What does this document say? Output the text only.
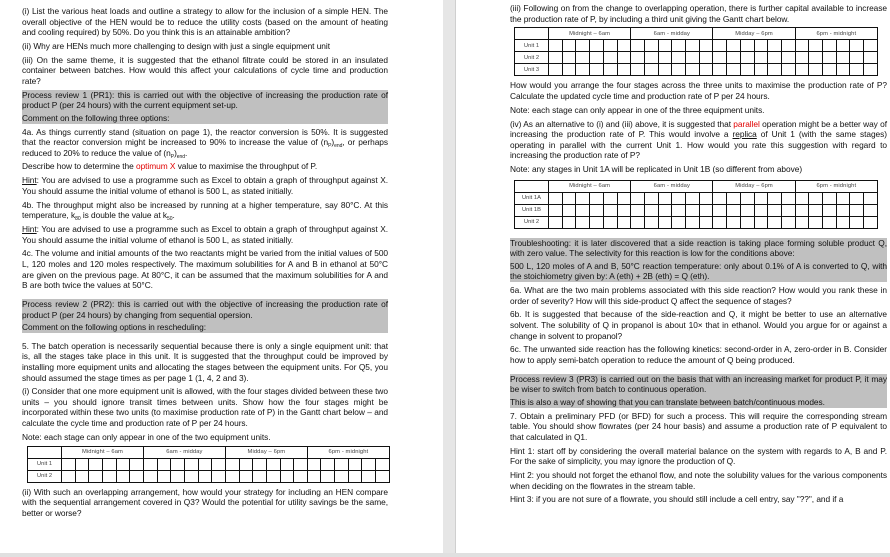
(i) List the various heat loads and outline a strategy to allow for the inclusion of a simple HEN. The overall objective of the HEN would be to reduce the utility costs (based on the amount of heating and cooling required) by 50%. Do you think this is an attainable ambition?

(ii) Why are HENs much more challenging to design with just a single equipment unit

(iii) On the same theme, it is suggested that the ethanol filtrate could be stored in an insulated container between batches. How would this affect your calculations of cycle time and production rate?

Process review 1 (PR1): this is carried out with the objective of increasing the production rate of product P (per 24 hours) with the current equipment set-up.

Comment on the following three options:

4a. As things currently stand (situation on page 1), the reactor conversion is 50%. It is suggested that the reactor conversion might be increased to 90% to increase the value of $(n_P)_{end}$, or perhaps reduced to 20% to reduce the value of $(n_P)_{end}$.

Describe how to determine the optimum X value to maximise the throughput of P.

Hint: You are advised to use a programme such as Excel to obtain a graph of throughput against X. You should assume the initial volume of ethanol is 500 L, as stated initially.

4b. The throughput might also be increased by running at a higher temperature, say 80°C. At this temperature, $k_{80}$ is double the value at $k_{50}$.

Hint: You are advised to use a programme such as Excel to obtain a graph of throughput against X. You should assume the initial volume of ethanol is 500 L, as stated initially.

4c. The volume and initial amounts of the two reactants might be varied from the initial values of 500 L, 120 moles and 120 moles respectively. The maximum solubilities for A and B in ethanol at 50°C are given on the previous page. At 80°C, it can be assumed that the maximum solubilities for A and B are both twice the values at 50°C.

Process review 2 (PR2): this is carried out with the objective of increasing the production rate of product P (per 24 hours) by changing from sequential opersion.

Comment on the following options in rescheduling:

5. The batch operation is necessarily sequential because there is only a single equipment unit: that is, all the stages take place in this unit. It is suggested that the throughput could be improved by installing more equipment units and allocating the stages between the equipment units. For Q5, you should assumed the stage times as per page 1 (1, 4, 2 and 3).

(i) Consider that one more equipment unit is allowed, with the four stages divided between these two units – you should ignore transit times between units. Show how the four stages might be incorporated within these two units (to maximise production rate of P) in the Gantt chart below – and calculate the cycle time and production rate of P per 24 hours.

Note: each stage can only appear in one of the two equipment units.

	Midnight – 6am						6am - midday						Midday – 6pm						6pm - midnight					
Unit 1																								
Unit 2																								

(ii) With such an overlapping arrangement, how would your strategy for including an HEN compare with the sequential arrangement covered in Q3? Would the potential for utility savings be the same, better or worse?

(iii) Following on from the change to overlapping operation, there is further capital available to increase the production rate of P, by including a third unit giving the Gantt chart below.

	Midnight – 6am						6am - midday						Midday – 6pm						6pm - midnight					
Unit 1																								
Unit 2																								
Unit 3																								

How would you arrange the four stages across the three units to maximise the production rate of P? Calculate the updated cycle time and production rate of P per 24 hours.

Note: each stage can only appear in one of the three equipment units.

(iv) As an alternative to (i) and (iii) above, it is suggested that parallel operation might be a better way of increasing the production rate of P. This would involve a replica of Unit 1 (with the same stages) operating in parallel with the current Unit 1. How would you rate this suggestion with regard to increasing the production rate of P?

Note: any stages in Unit 1A will be replicated in Unit 1B (so different from above)

	Midnight – 6am						6am - midday						Midday – 6pm						6pm - midnight					
Unit 1A																								
Unit 1B																								
Unit 2																								

Troubleshooting: it is later discovered that a side reaction is taking place forming soluble product Q, with zero value. The selectivity for this reaction is low for the conditions above:

500 L, 120 moles of A and B, 50°C reaction temperature: only about 0.1% of A is converted to Q, with the stoichiometry given by: A (eth) + 2B (eth) = Q (eth).

6a. What are the two main problems associated with this side reaction? How would you rank these in order of severity? How will this side-product Q affect the sequence of stages?

6b. It is suggested that because of the side-reaction and Q, it might be better to use an alternative solvent. The solubility of Q in propanol is about 10× that in ethanol. Would you argue for or against a change in solvent to propanol?

6c. The unwanted side reaction has the following kinetics: second-order in A, zero-order in B. Consider how to apply semi-batch operation to reduce the amount of Q being produced.

Process review 3 (PR3) is carried out on the basis that with an increasing market for product P, it may be wiser to switch from batch to continuous operation.

This is also a way of showing that you can translate between batch/continuous modes.

7. Obtain a preliminary PFD (or BFD) for such a process. This will require the corresponding stream table. You should show flowrates (per 24 hour basis) and assume a production rate of P equivalent to that calculated in Q1.

Hint 1: start off by considering the overall material balance on the system with regards to A, B and P. For the sake of simplicity, you may ignore the production of Q.

Hint 2: you should not forget the ethanol flow, and note the solubility values for the various components when deciding on the flowrates in the stream table.

Hint 3: if you are not sure of a flowrate, you should still include a cell entry, say "??", and if a
